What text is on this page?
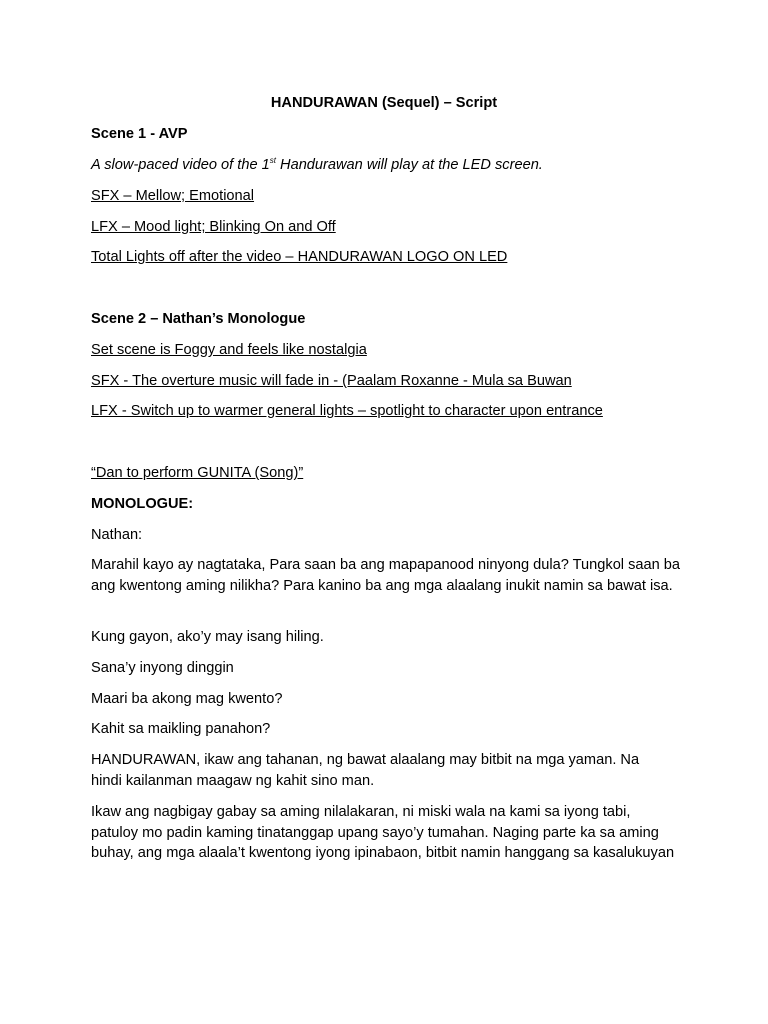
HANDURAWAN (Sequel) – Script
Scene 1 - AVP
A slow-paced video of the 1st Handurawan will play at the LED screen.
SFX – Mellow; Emotional
LFX – Mood light; Blinking On and Off
Total Lights off after the video – HANDURAWAN LOGO ON LED
Scene 2 – Nathan’s Monologue
Set scene is Foggy and feels like nostalgia
SFX - The overture music will fade in - (Paalam Roxanne - Mula sa Buwan
LFX - Switch up to warmer general lights – spotlight to character upon entrance
“Dan to perform GUNITA (Song)”
MONOLOGUE:
Nathan:
Marahil kayo ay nagtataka, Para saan ba ang mapapanood ninyong dula? Tungkol saan ba ang kwentong aming nilikha? Para kanino ba ang mga alaalang inukit namin sa bawat isa.
Kung gayon, ako’y may isang hiling.
Sana’y inyong dinggin
Maari ba akong mag kwento?
Kahit sa maikling panahon?
HANDURAWAN, ikaw ang tahanan, ng bawat alaalang may bitbit na mga yaman. Na hindi kailanman maagaw ng kahit sino man.
Ikaw ang nagbigay gabay sa aming nilalakaran, ni miski wala na kami sa iyong tabi, patuloy mo padin kaming tinatanggap upang sayo’y tumahan. Naging parte ka sa aming buhay, ang mga alaala’t kwentong iyong ipinabaon, bitbit namin hanggang sa kasalukuyan
